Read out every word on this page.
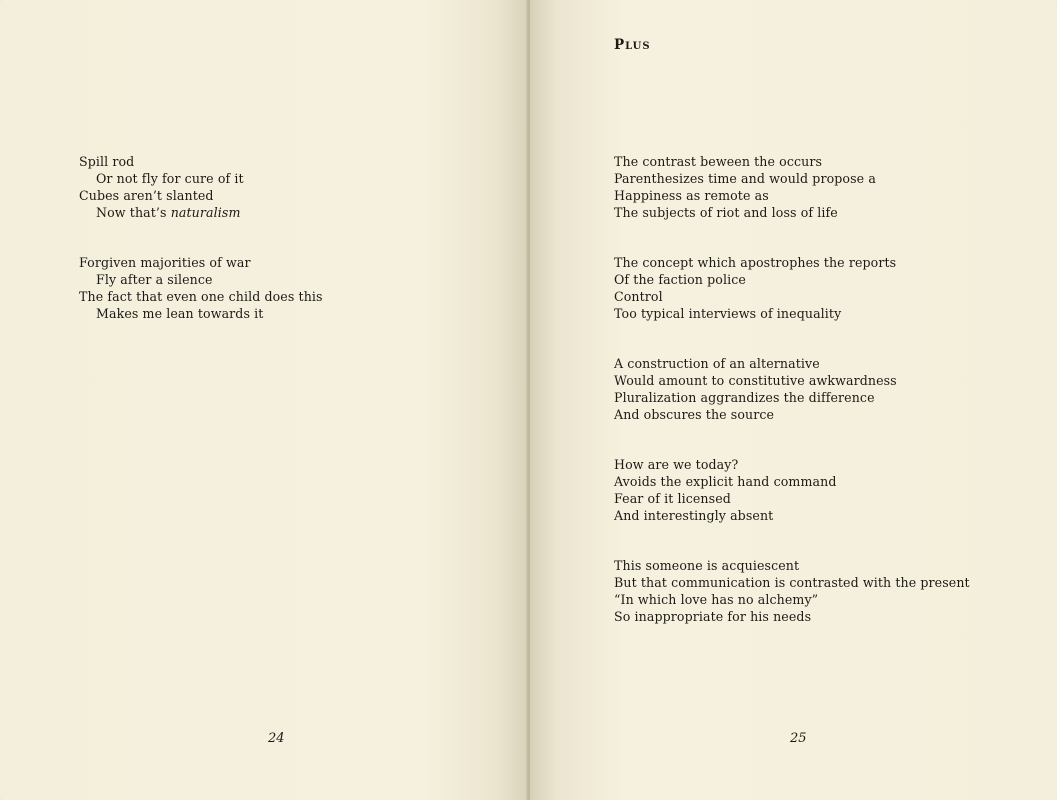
Spill rod
Or not fly for cure of it
Cubes aren’t slanted
Now that’s naturalism
Forgiven majorities of war
Fly after a silence
The fact that even one child does this
Makes me lean towards it
24
PLUS
The contrast bewеen the occurs
Parenthesizes time and would propose a
Happiness as remote as
The subjects of riot and loss of life
The concept which apostrophes the reports
Of the faction police
Control
Too typical interviews of inequality
A construction of an alternative
Would amount to constitutive awkwardness
Pluralization aggrandizes the difference
And obscures the source
How are we today?
Avoids the explicit hand command
Fear of it licensed
And interestingly absent
This someone is acquiescent
But that communication is contrasted with the present
“In which love has no alchemy”
So inappropriate for his needs
25
